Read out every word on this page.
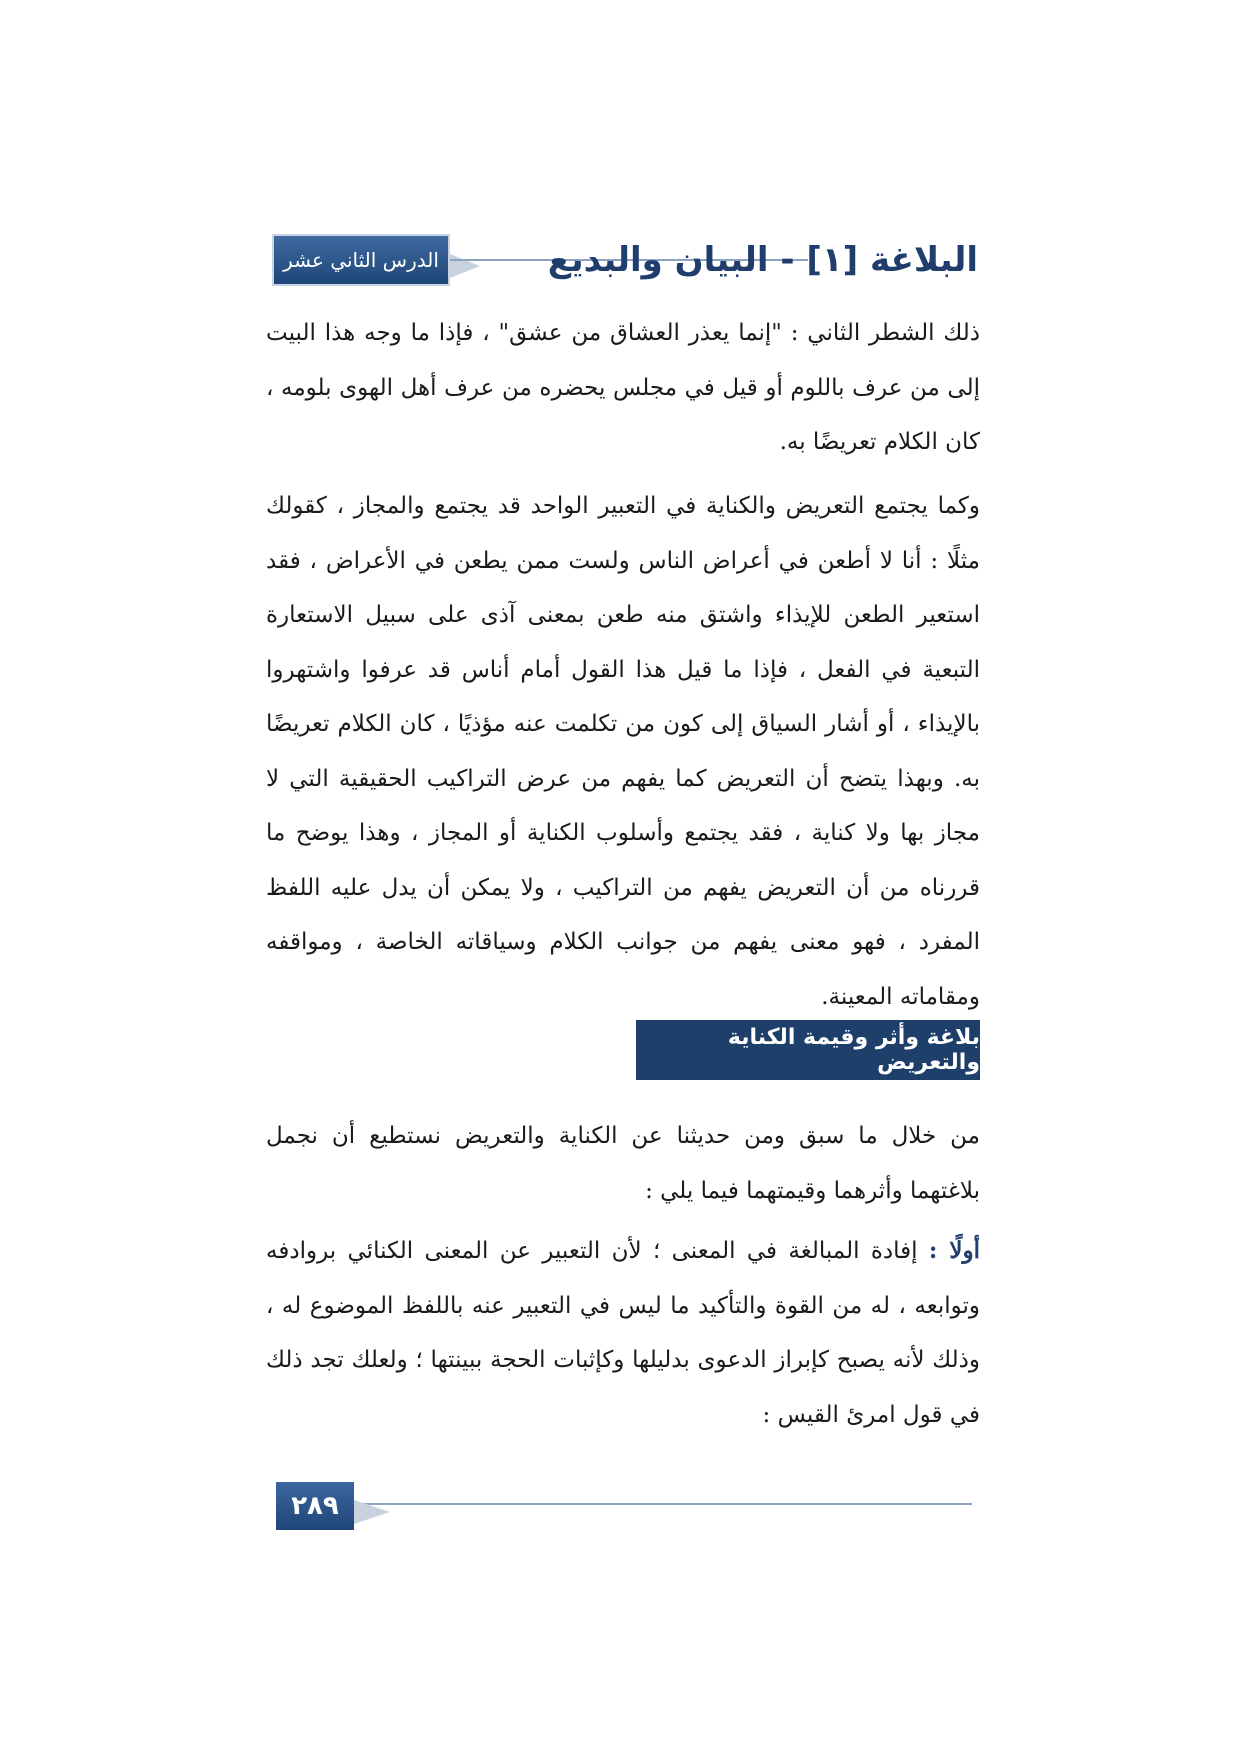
الدرس الثاني عشر	البلاغة [١] - البيان والبديع

ذلك الشطر الثاني : "إنما يعذر العشاق من عشق" ، فإذا ما وجه هذا البيت إلى من عرف باللوم أو قيل في مجلس يحضره من عرف أهل الهوى بلومه ، كان الكلام تعريضًا به.

وكما يجتمع التعريض والكناية في التعبير الواحد قد يجتمع والمجاز ، كقولك مثلًا : أنا لا أطعن في أعراض الناس ولست ممن يطعن في الأعراض ، فقد استعير الطعن للإيذاء واشتق منه طعن بمعنى آذى على سبيل الاستعارة التبعية في الفعل ، فإذا ما قيل هذا القول أمام أناس قد عرفوا واشتهروا بالإيذاء ، أو أشار السياق إلى كون من تكلمت عنه مؤذيًا ، كان الكلام تعريضًا به. وبهذا يتضح أن التعريض كما يفهم من عرض التراكيب الحقيقية التي لا مجاز بها ولا كناية ، فقد يجتمع وأسلوب الكناية أو المجاز ، وهذا يوضح ما قررناه من أن التعريض يفهم من التراكيب ، ولا يمكن أن يدل عليه اللفظ المفرد ، فهو معنى يفهم من جوانب الكلام وسياقاته الخاصة ، ومواقفه ومقاماته المعينة.

بلاغة وأثر وقيمة الكناية والتعريض

من خلال ما سبق ومن حديثنا عن الكناية والتعريض نستطيع أن نجمل بلاغتهما وأثرهما وقيمتهما فيما يلي :

أولًا : إفادة المبالغة في المعنى ؛ لأن التعبير عن المعنى الكنائي بروادفه وتوابعه ، له من القوة والتأكيد ما ليس في التعبير عنه باللفظ الموضوع له ، وذلك لأنه يصبح كإبراز الدعوى بدليلها وكإثبات الحجة ببينتها ؛ ولعلك تجد ذلك في قول امرئ القيس :

٢٨٩
